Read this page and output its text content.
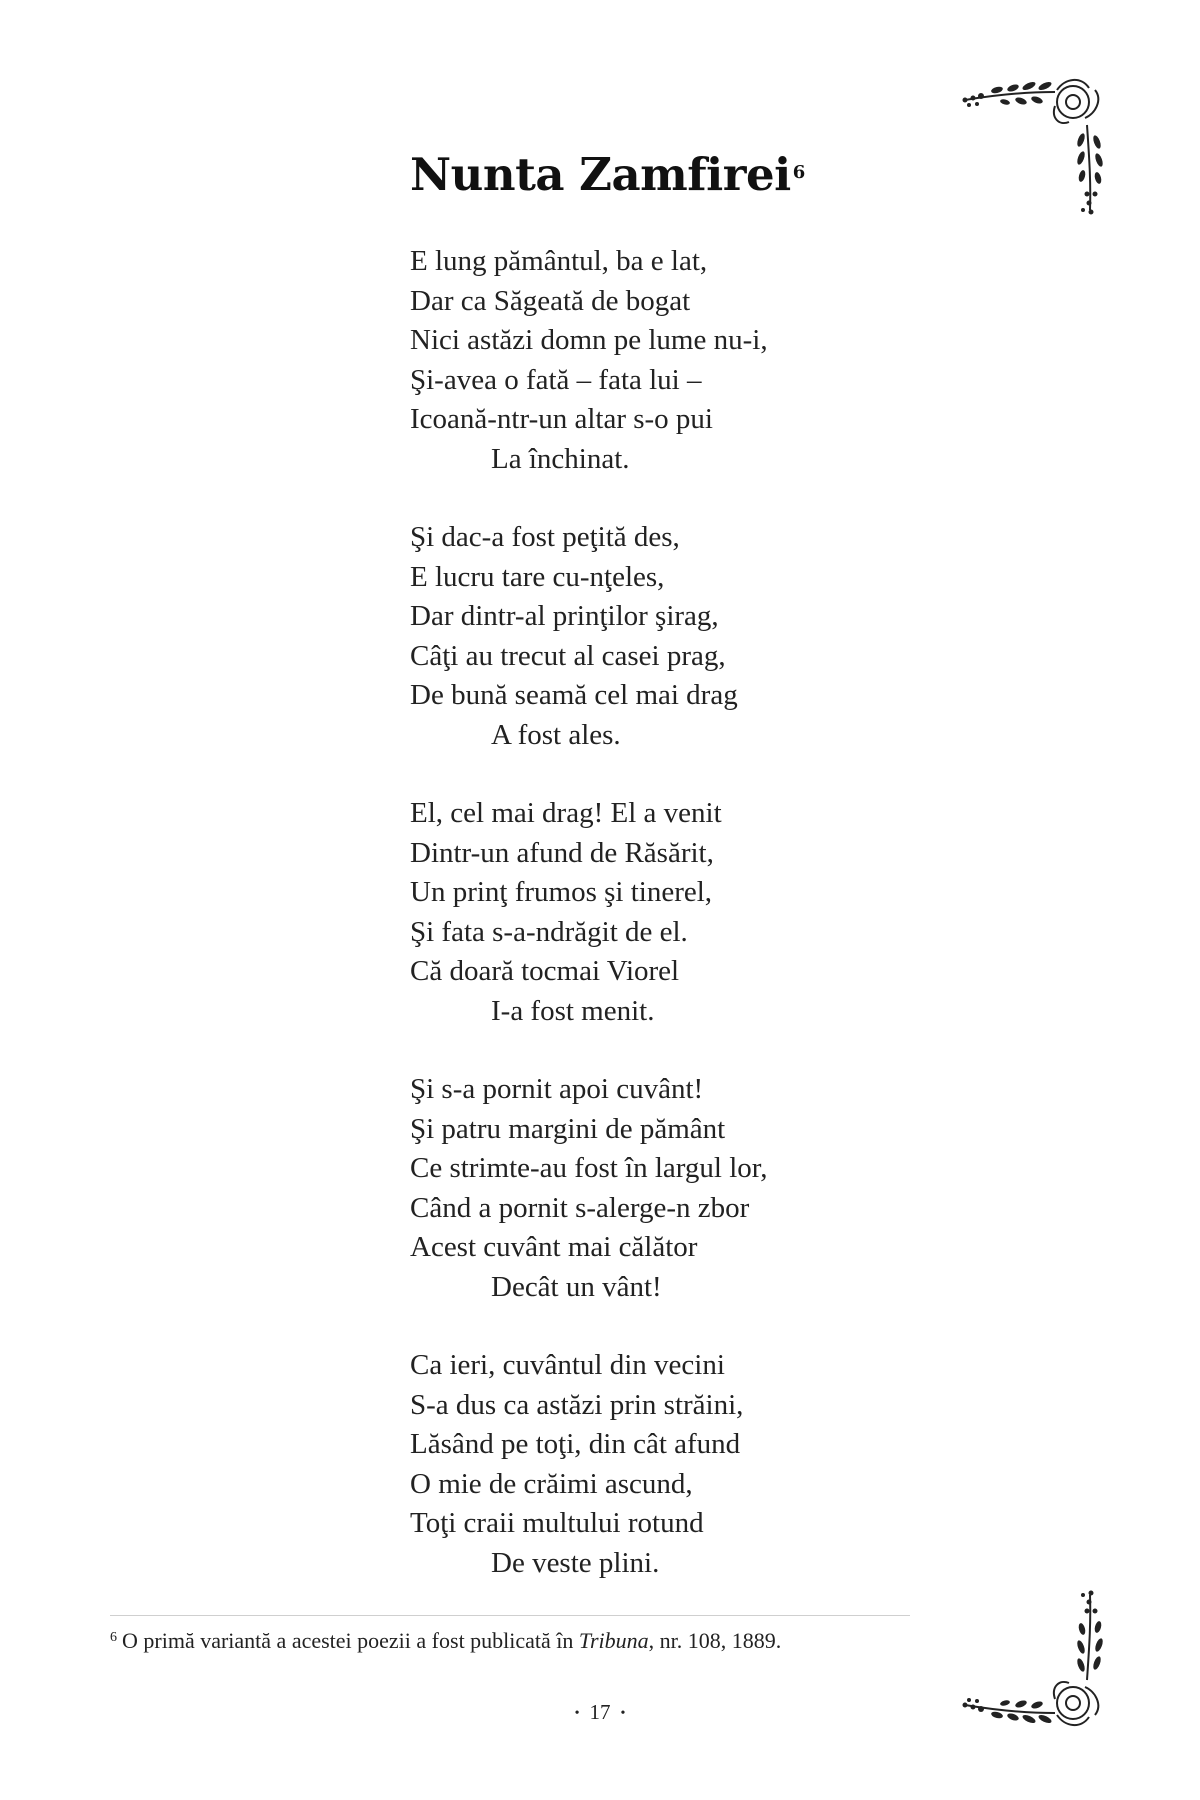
Nunta Zamfirei $^6$
E lung pământul, ba e lat,
Dar ca Săgeată de bogat
Nici astăzi domn pe lume nu-i,
Şi-avea o fată – fata lui –
Icoană-ntr-un altar s-o pui
La închinat.
Şi dac-a fost peţită des,
E lucru tare cu-nţeles,
Dar dintr-al prinţilor şirag,
Câţi au trecut al casei prag,
De bună seamă cel mai drag
A fost ales.
El, cel mai drag! El a venit
Dintr-un afund de Răsărit,
Un prinţ frumos şi tinerel,
Şi fata s-a-ndrăgit de el.
Că doară tocmai Viorel
I-a fost menit.
Şi s-a pornit apoi cuvânt!
Şi patru margini de pământ
Ce strimte-au fost în largul lor,
Când a pornit s-alerge-n zbor
Acest cuvânt mai călător
Decât un vânt!
Ca ieri, cuvântul din vecini
S-a dus ca astăzi prin străini,
Lăsând pe toţi, din cât afund
O mie de crăimi ascund,
Toţi craii multului rotund
De veste plini.
$^6$ O primă variantă a acestei poezii a fost publicată în Tribuna, nr. 108, 1889.
• 17 •
